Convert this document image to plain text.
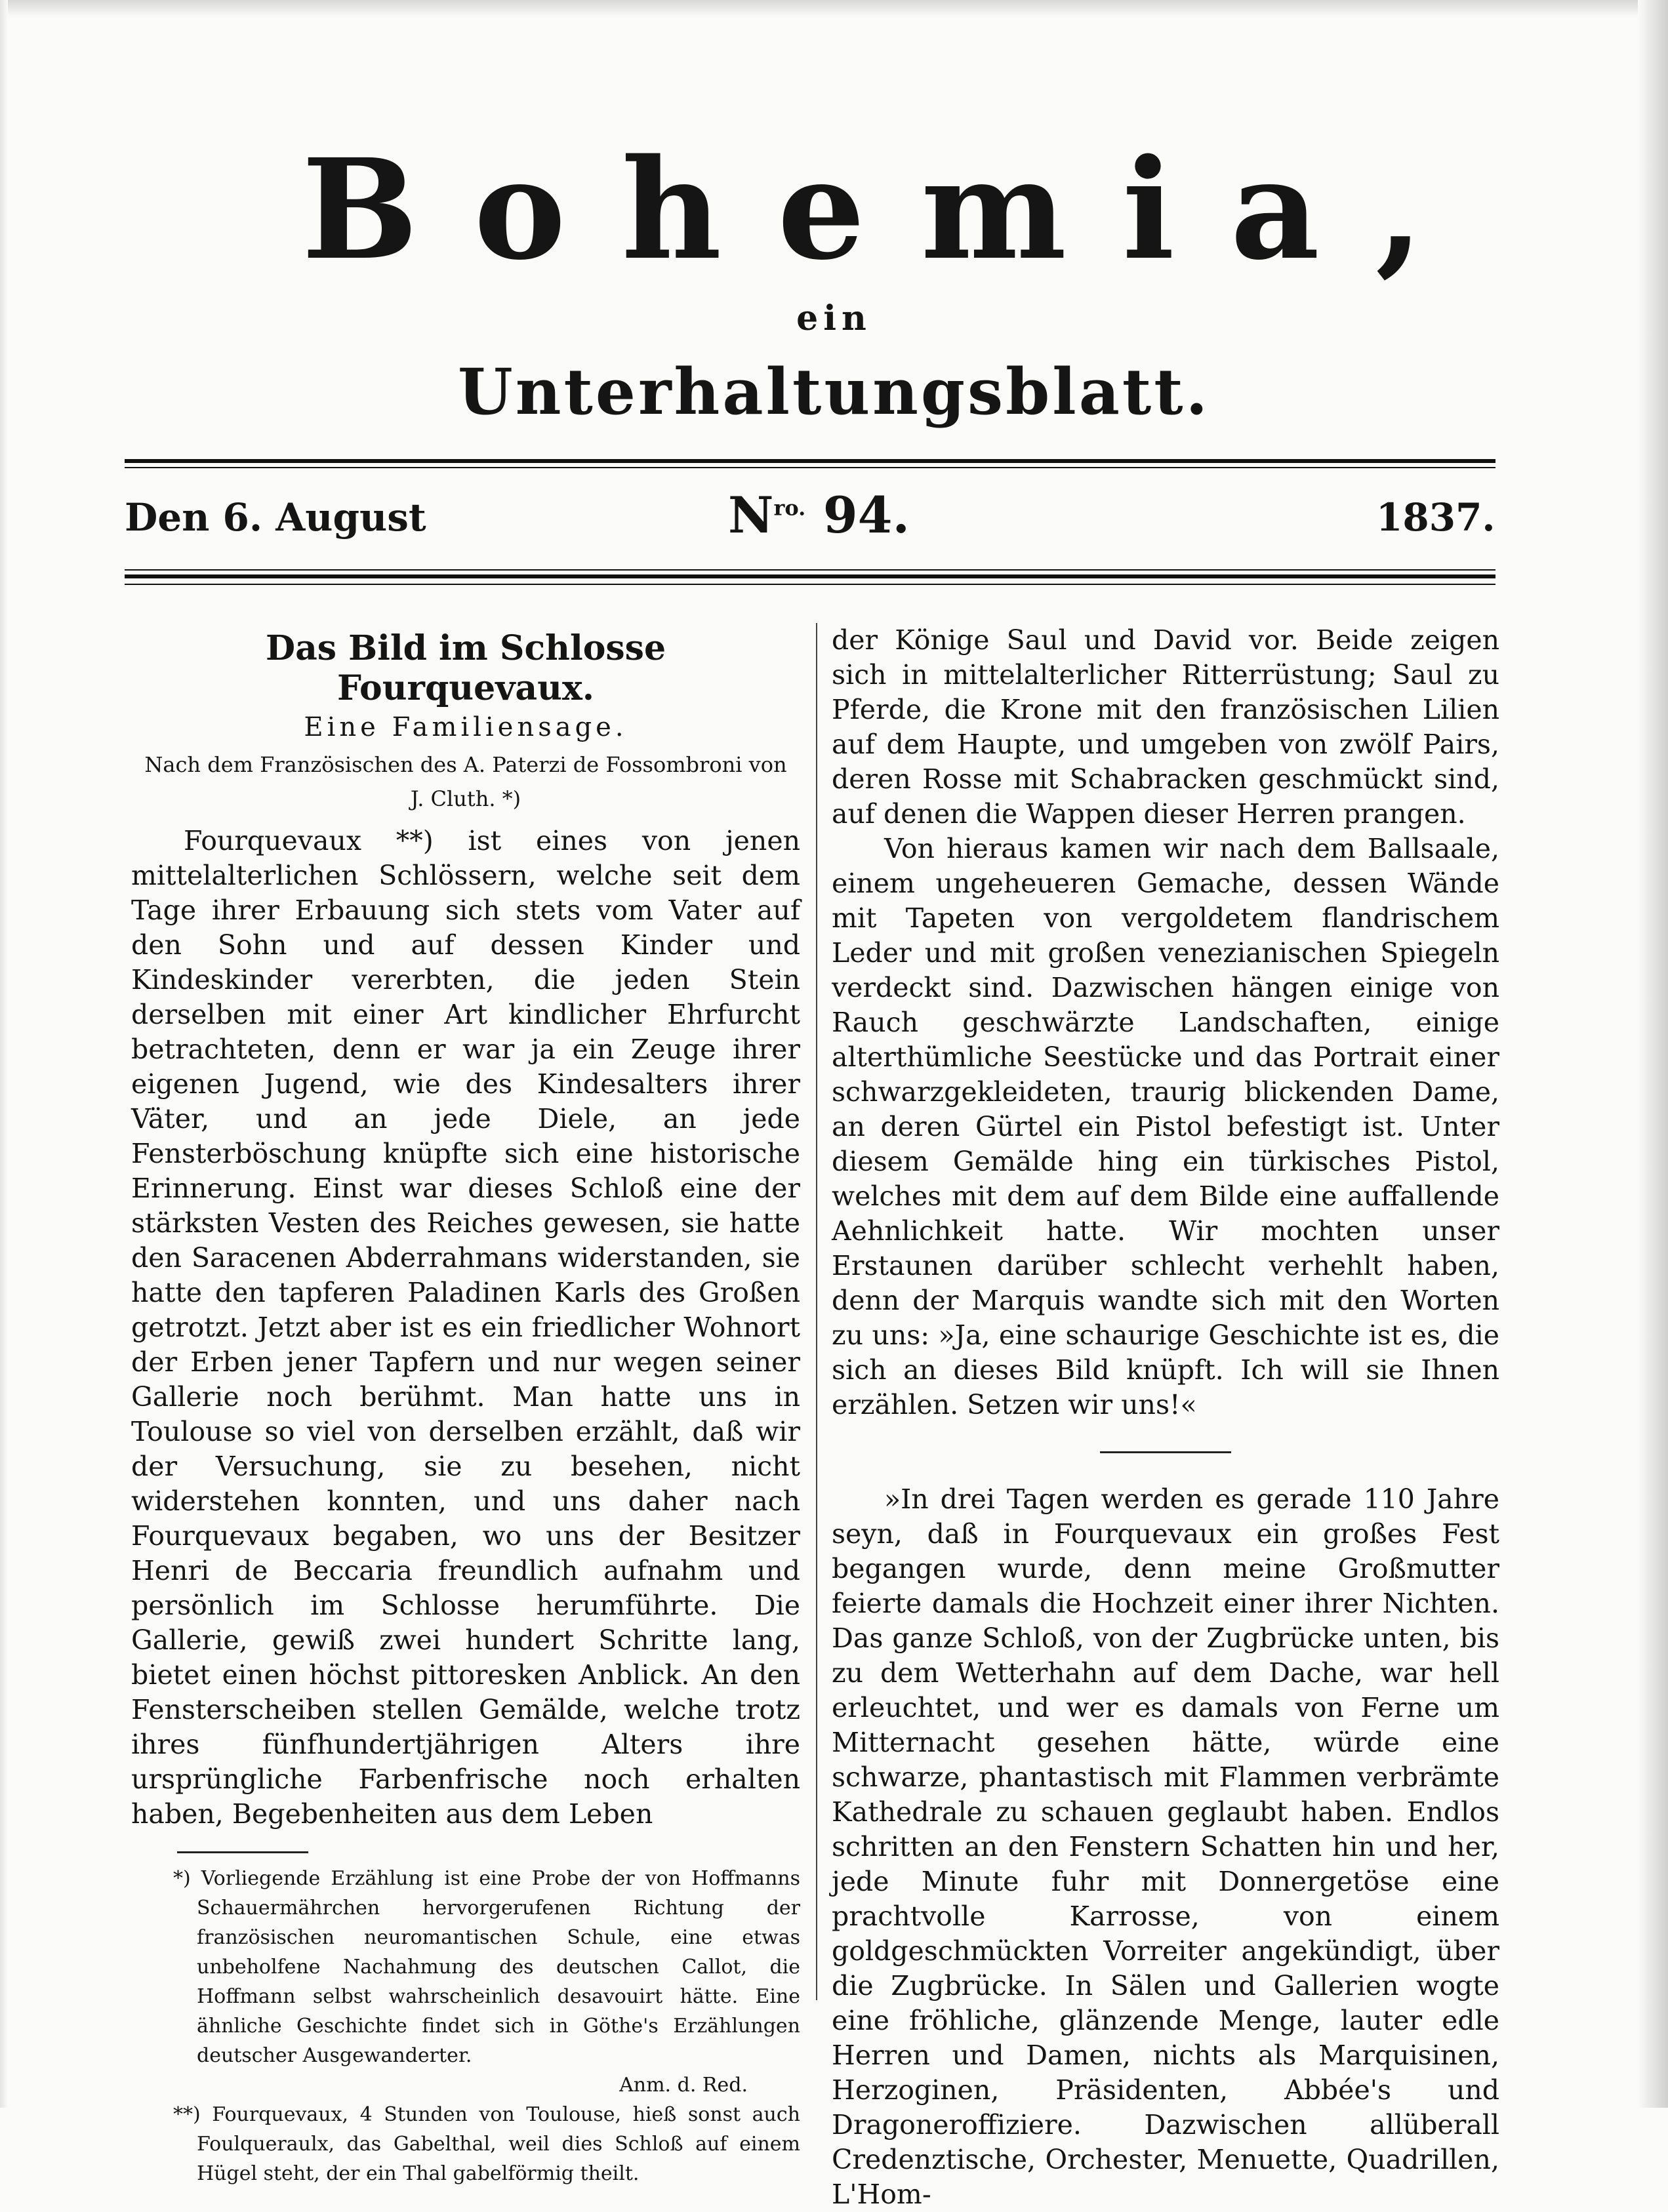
Bohemia,
ein
Unterhaltungsblatt.
Den 6. August	$N^{ro.}$ 94.	1837.
Das Bild im Schlosse Fourquevaux.
Eine Familiensage.
Nach dem Französischen des A. Paterzi de Fossombroni von J. Cluth. *)

Fourquevaux **) ist eines von jenen mittelalterlichen Schlössern, welche seit dem Tage ihrer Erbauung sich stets vom Vater auf den Sohn und auf dessen Kinder und Kindeskinder vererbten, die jeden Stein derselben mit einer Art kindlicher Ehrfurcht betrachteten, denn er war ja ein Zeuge ihrer eigenen Jugend, wie des Kindesalters ihrer Väter, und an jede Diele, an jede Fensterböschung knüpfte sich eine historische Erinnerung. Einst war dieses Schloß eine der stärksten Vesten des Reiches gewesen, sie hatte den Saracenen Abderrahmans widerstanden, sie hatte den tapferen Paladinen Karls des Großen getrotzt. Jetzt aber ist es ein friedlicher Wohnort der Erben jener Tapfern und nur wegen seiner Gallerie noch berühmt. Man hatte uns in Toulouse so viel von derselben erzählt, daß wir der Versuchung, sie zu besehen, nicht widerstehen konnten, und uns daher nach Fourquevaux begaben, wo uns der Besitzer Henri de Beccaria freundlich aufnahm und persönlich im Schlosse herumführte. Die Gallerie, gewiß zwei hundert Schritte lang, bietet einen höchst pittoresken Anblick. An den Fensterscheiben stellen Gemälde, welche trotz ihres fünfhundertjährigen Alters ihre ursprüngliche Farbenfrische noch erhalten haben, Begebenheiten aus dem Leben

*) Vorliegende Erzählung ist eine Probe der von Hoffmanns Schauermährchen hervorgerufenen Richtung der französischen neuromantischen Schule, eine etwas unbeholfene Nachahmung des deutschen Callot, die Hoffmann selbst wahrscheinlich desavouirt hätte. Eine ähnliche Geschichte findet sich in Göthe's Erzählungen deutscher Ausgewanderter.

Anm. d. Red.

**) Fourquevaux, 4 Stunden von Toulouse, hieß sonst auch Foulqueraulx, das Gabelthal, weil dies Schloß auf einem Hügel steht, der ein Thal gabelförmig theilt.

der Könige Saul und David vor. Beide zeigen sich in mittelalterlicher Ritterrüstung; Saul zu Pferde, die Krone mit den französischen Lilien auf dem Haupte, und umgeben von zwölf Pairs, deren Rosse mit Schabracken geschmückt sind, auf denen die Wappen dieser Herren prangen.

Von hieraus kamen wir nach dem Ballsaale, einem ungeheueren Gemache, dessen Wände mit Tapeten von vergoldetem flandrischem Leder und mit großen venezianischen Spiegeln verdeckt sind. Dazwischen hängen einige von Rauch geschwärzte Landschaften, einige alterthümliche Seestücke und das Portrait einer schwarzgekleideten, traurig blickenden Dame, an deren Gürtel ein Pistol befestigt ist. Unter diesem Gemälde hing ein türkisches Pistol, welches mit dem auf dem Bilde eine auffallende Aehnlichkeit hatte. Wir mochten unser Erstaunen darüber schlecht verhehlt haben, denn der Marquis wandte sich mit den Worten zu uns: »Ja, eine schaurige Geschichte ist es, die sich an dieses Bild knüpft. Ich will sie Ihnen erzählen. Setzen wir uns!«

»In drei Tagen werden es gerade 110 Jahre seyn, daß in Fourquevaux ein großes Fest begangen wurde, denn meine Großmutter feierte damals die Hochzeit einer ihrer Nichten. Das ganze Schloß, von der Zugbrücke unten, bis zu dem Wetterhahn auf dem Dache, war hell erleuchtet, und wer es damals von Ferne um Mitternacht gesehen hätte, würde eine schwarze, phantastisch mit Flammen verbrämte Kathedrale zu schauen geglaubt haben. Endlos schritten an den Fenstern Schatten hin und her, jede Minute fuhr mit Donnergetöse eine prachtvolle Karrosse, von einem goldgeschmückten Vorreiter angekündigt, über die Zugbrücke. In Sälen und Gallerien wogte eine fröhliche, glänzende Menge, lauter edle Herren und Damen, nichts als Marquisinen, Herzoginen, Präsidenten, Abbée's und Dragoneroffiziere. Dazwischen allüberall Credenztische, Orchester, Menuette, Quadrillen, L'Hom-
